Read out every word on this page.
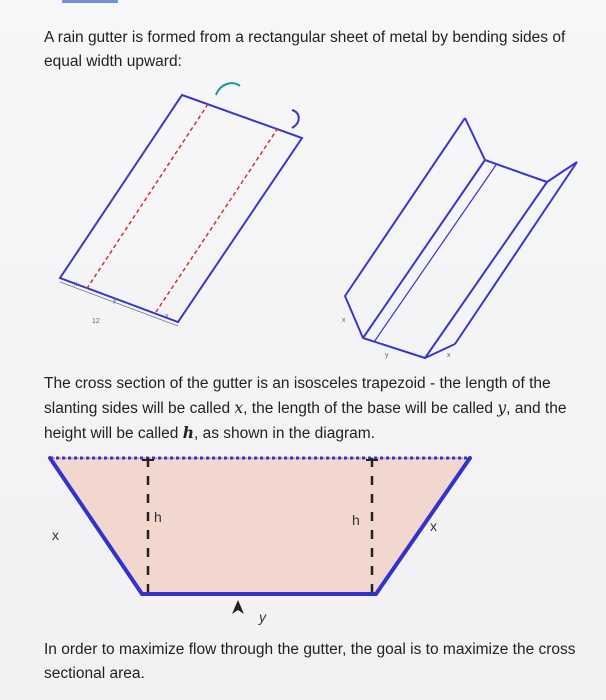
A rain gutter is formed from a rectangular sheet of metal by bending sides of equal width upward:

x
y
x
12	x
y	x

The cross section of the gutter is an isosceles trapezoid - the length of the slanting sides will be called x, the length of the base will be called y, and the height will be called h, as shown in the diagram.

x
h	h	x
y

In order to maximize flow through the gutter, the goal is to maximize the cross sectional area.
